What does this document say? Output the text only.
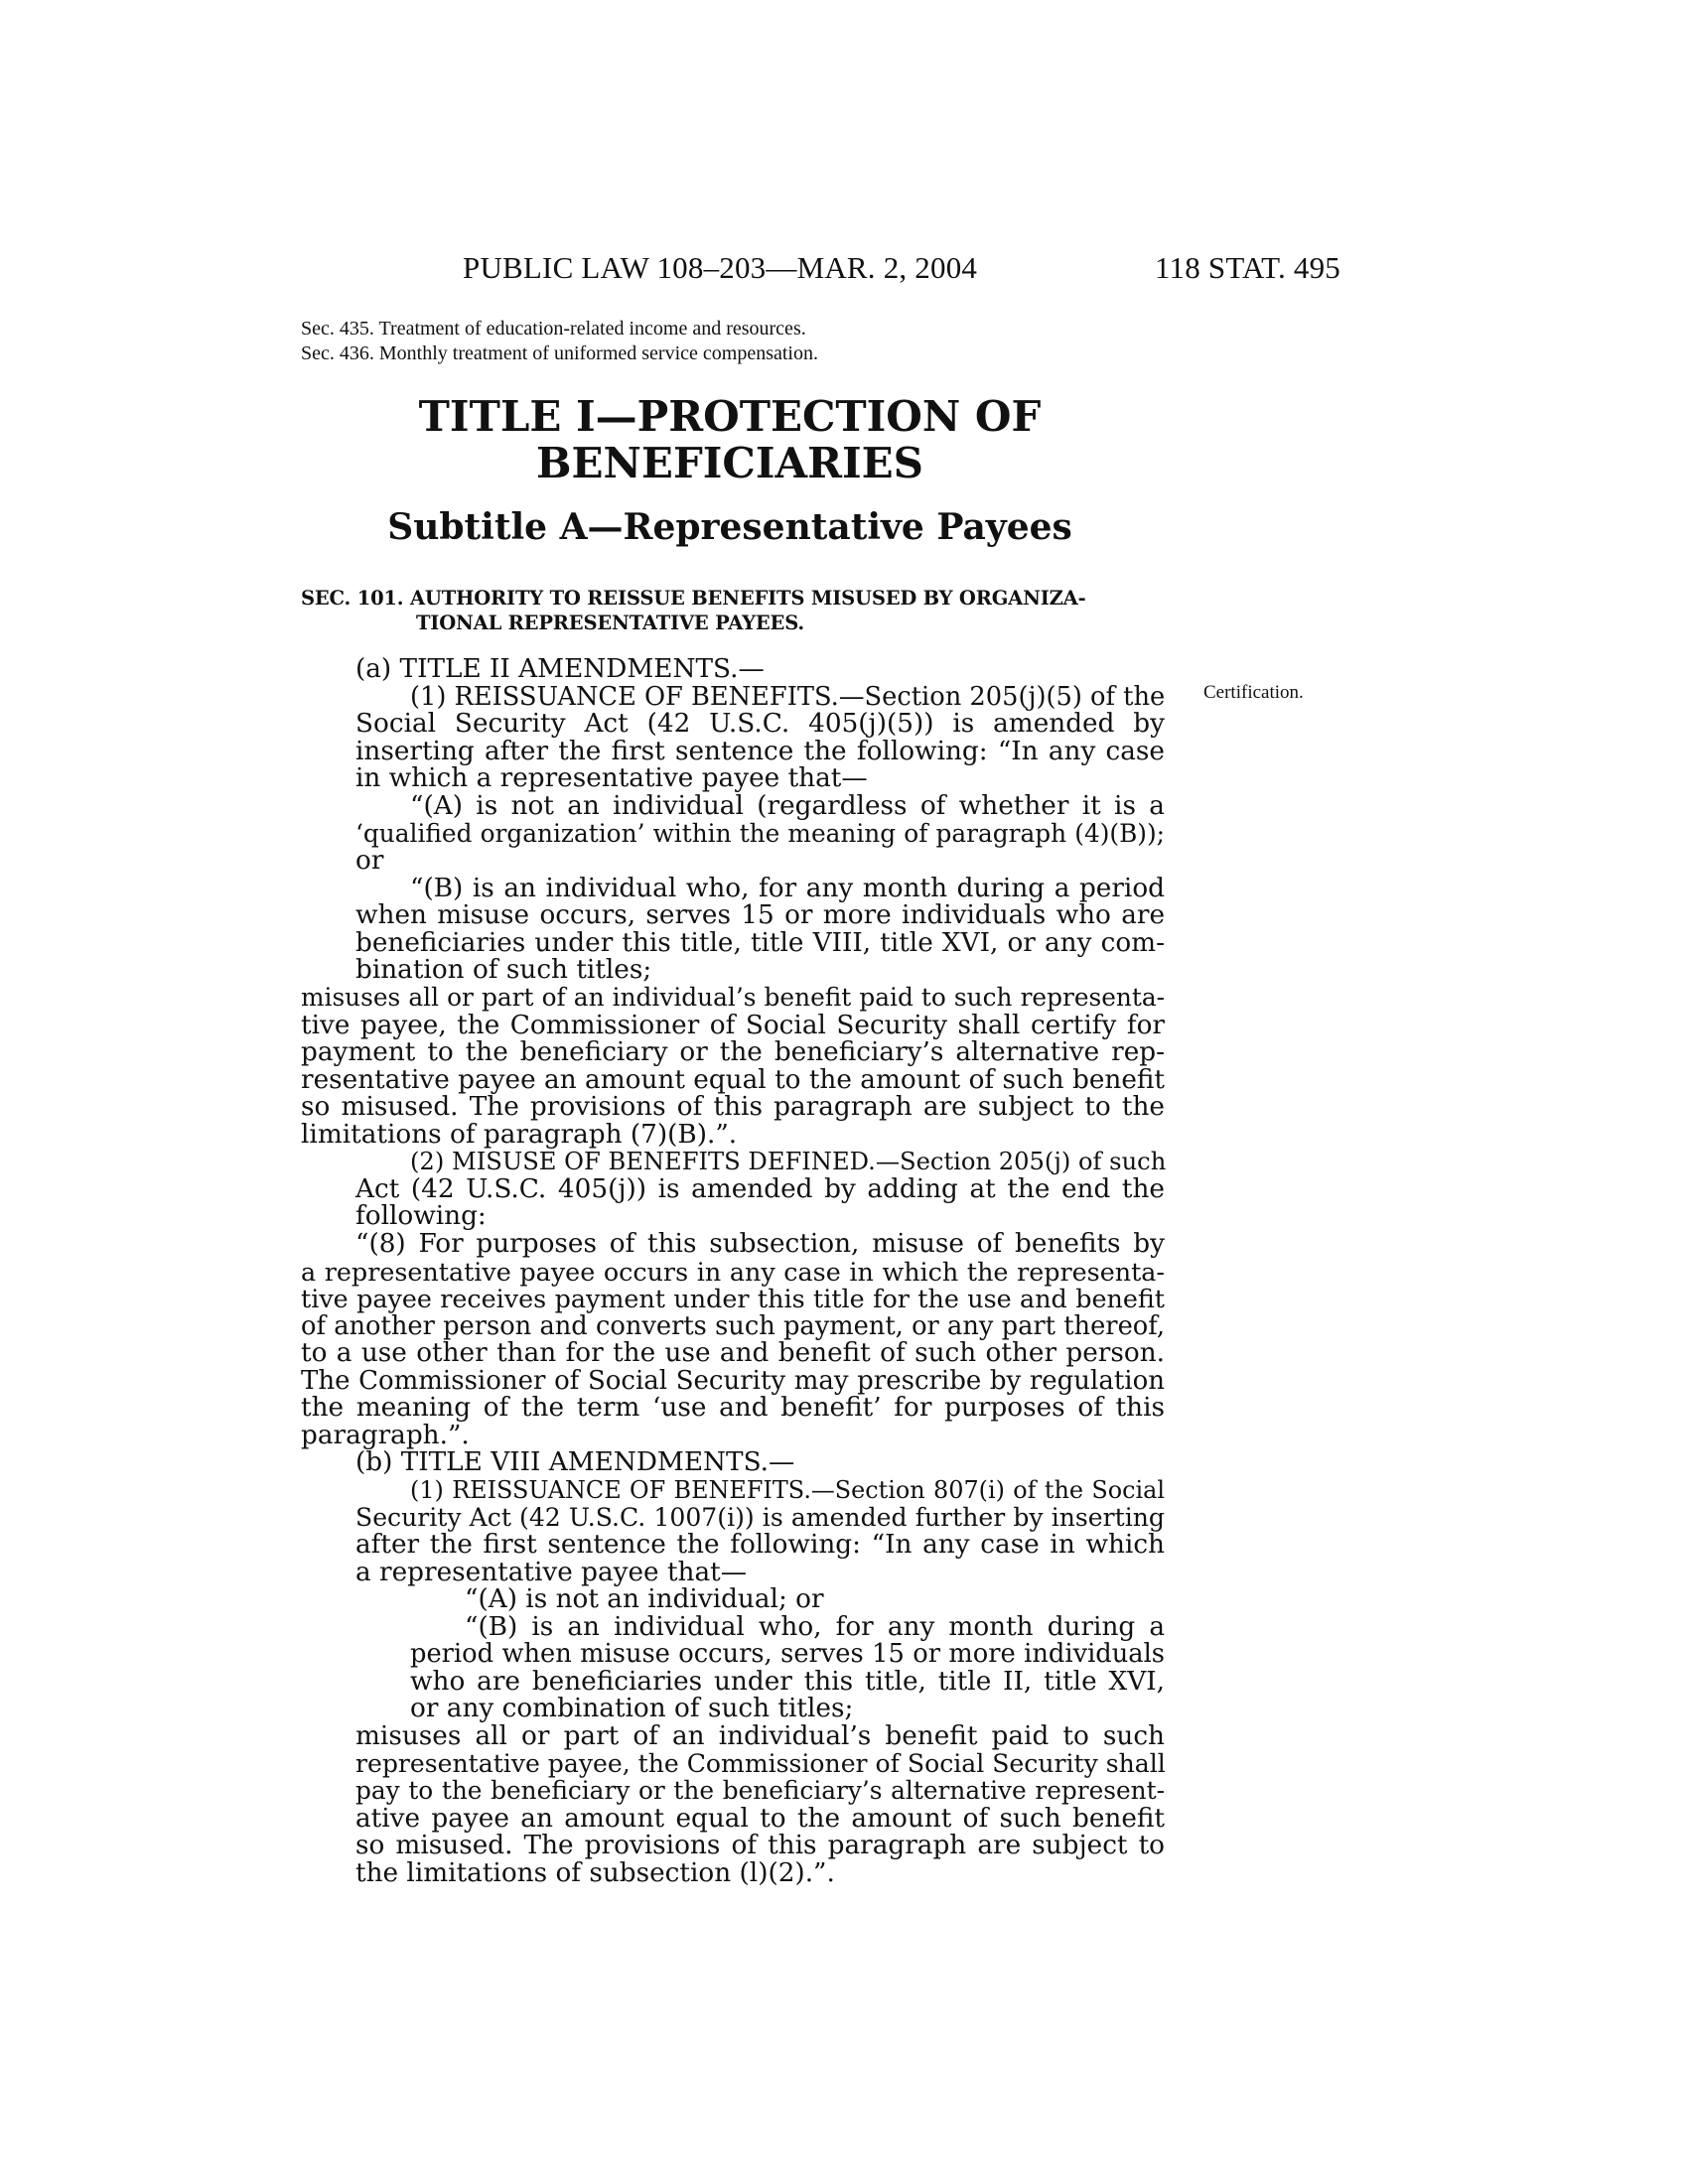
PUBLIC LAW 108–203—MAR. 2, 2004	118 STAT. 495
Sec. 435. Treatment of education-related income and resources.
Sec. 436. Monthly treatment of uniformed service compensation.
TITLE I—PROTECTION OF
BENEFICIARIES
Subtitle A—Representative Payees
SEC. 101. AUTHORITY TO REISSUE BENEFITS MISUSED BY ORGANIZA-
TIONAL REPRESENTATIVE PAYEES.
Certification.
(a) TITLE II AMENDMENTS.—
(1) REISSUANCE OF BENEFITS.—Section 205(j)(5) of the
Social Security Act (42 U.S.C. 405(j)(5)) is amended by
inserting after the first sentence the following: “In any case
in which a representative payee that—
“(A) is not an individual (regardless of whether it is a
‘qualified organization’ within the meaning of paragraph (4)(B));
or
“(B) is an individual who, for any month during a period
when misuse occurs, serves 15 or more individuals who are
beneficiaries under this title, title VIII, title XVI, or any com-
bination of such titles;
misuses all or part of an individual’s benefit paid to such representa-
tive payee, the Commissioner of Social Security shall certify for
payment to the beneficiary or the beneficiary’s alternative rep-
resentative payee an amount equal to the amount of such benefit
so misused. The provisions of this paragraph are subject to the
limitations of paragraph (7)(B).”.
(2) MISUSE OF BENEFITS DEFINED.—Section 205(j) of such
Act (42 U.S.C. 405(j)) is amended by adding at the end the
following:
“(8) For purposes of this subsection, misuse of benefits by
a representative payee occurs in any case in which the representa-
tive payee receives payment under this title for the use and benefit
of another person and converts such payment, or any part thereof,
to a use other than for the use and benefit of such other person.
The Commissioner of Social Security may prescribe by regulation
the meaning of the term ‘use and benefit’ for purposes of this
paragraph.”.
(b) TITLE VIII AMENDMENTS.—
(1) REISSUANCE OF BENEFITS.—Section 807(i) of the Social
Security Act (42 U.S.C. 1007(i)) is amended further by inserting
after the first sentence the following: “In any case in which
a representative payee that—
“(A) is not an individual; or
“(B) is an individual who, for any month during a
period when misuse occurs, serves 15 or more individuals
who are beneficiaries under this title, title II, title XVI,
or any combination of such titles;
misuses all or part of an individual’s benefit paid to such
representative payee, the Commissioner of Social Security shall
pay to the beneficiary or the beneficiary’s alternative represent-
ative payee an amount equal to the amount of such benefit
so misused. The provisions of this paragraph are subject to
the limitations of subsection (l)(2).”.
